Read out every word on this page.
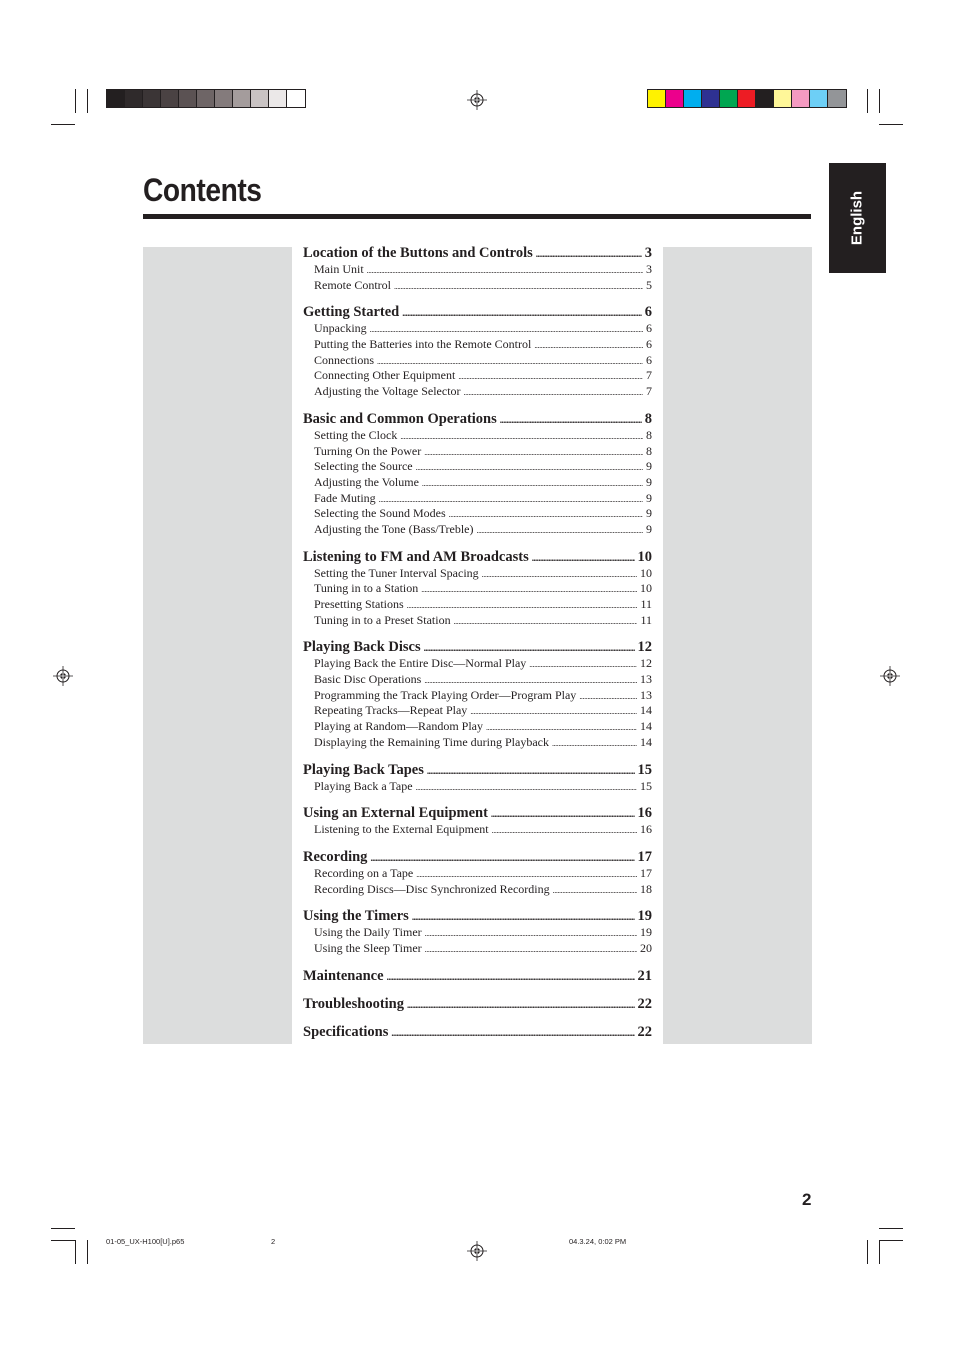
Contents
English
Location of the Buttons and Controls .....	3
Main Unit .....	3
Remote Control .....	5
Getting Started .....	6
Unpacking .....	6
Putting the Batteries into the Remote Control .....	6
Connections .....	6
Connecting Other Equipment .....	7
Adjusting the Voltage Selector .....	7
Basic and Common Operations .....	8
Setting the Clock .....	8
Turning On the Power .....	8
Selecting the Source .....	9
Adjusting the Volume .....	9
Fade Muting .....	9
Selecting the Sound Modes .....	9
Adjusting the Tone (Bass/Treble) .....	9
Listening to FM and AM Broadcasts .....	10
Setting the Tuner Interval Spacing .....	10
Tuning in to a Station .....	10
Presetting Stations .....	11
Tuning in to a Preset Station .....	11
Playing Back Discs .....	12
Playing Back the Entire Disc—Normal Play .....	12
Basic Disc Operations .....	13
Programming the Track Playing Order—Program Play .....	13
Repeating Tracks—Repeat Play .....	14
Playing at Random—Random Play .....	14
Displaying the Remaining Time during Playback .....	14
Playing Back Tapes .....	15
Playing Back a Tape .....	15
Using an External Equipment .....	16
Listening to the External Equipment .....	16
Recording .....	17
Recording on a Tape .....	17
Recording Discs—Disc Synchronized Recording .....	18
Using the Timers .....	19
Using the Daily Timer .....	19
Using the Sleep Timer .....	20
Maintenance .....	21
Troubleshooting .....	22
Specifications .....	22
2
01-05_UX-H100[U].p65	2	04.3.24, 0:02 PM
